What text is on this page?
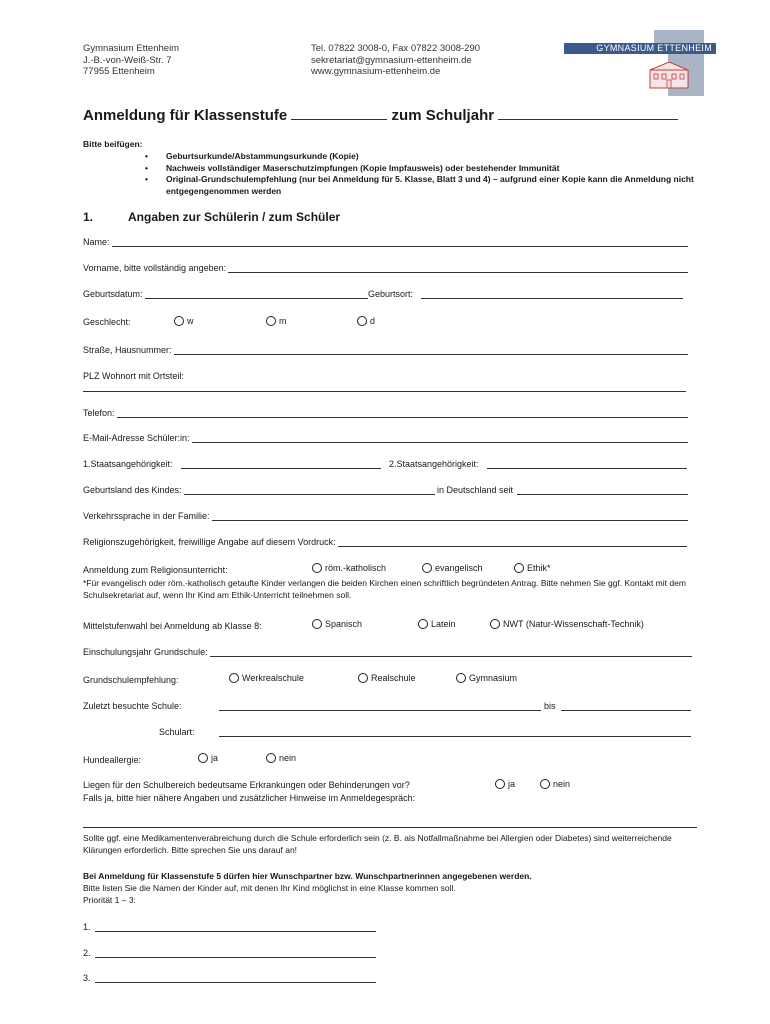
Gymnasium Ettenheim
J.-B.-von-Weiß-Str. 7
77955 Ettenheim
Tel. 07822 3008-0, Fax 07822 3008-290
sekretariat@gymnasium-ettenheim.de
www.gymnasium-ettenheim.de
GYMNASIUM ETTENHEIM
Anmeldung für Klassenstufe	zum Schuljahr
Bitte beifügen:
• Geburtsurkunde/Abstammungsurkunde (Kopie)
• Nachweis vollständiger Maserschutzimpfungen (Kopie Impfausweis) oder bestehender Immunität
• Original-Grundschulempfehlung (nur bei Anmeldung für 5. Klasse, Blatt 3 und 4) – aufgrund einer Kopie kann die Anmeldung nicht entgegengenommen werden
1.	Angaben zur Schülerin / zum Schüler
Name:
Vorname, bitte vollständig angeben:
Geburtsdatum:	Geburtsort:
Geschlecht:	w	m	d
Straße, Hausnummer:
PLZ Wohnort mit Ortsteil:
Telefon:
E-Mail-Adresse Schüler:in:
1.Staatsangehörigkeit:	2.Staatsangehörigkeit:
Geburtsland des Kindes:	in Deutschland seit
Verkehrssprache in der Familie:
Religionszugehörigkeit, freiwillige Angabe auf diesem Vordruck:
Anmeldung zum Religionsunterricht:	röm.-katholisch	evangelisch	Ethik*
*Für evangelisch oder röm.-katholisch getaufte Kinder verlangen die beiden Kirchen einen schriftlich begründeten Antrag. Bitte nehmen Sie ggf. Kontakt mit dem Schulsekretariat auf, wenn Ihr Kind am Ethik-Unterricht teilnehmen soll.
Mittelstufenwahl bei Anmeldung ab Klasse 8:	Spanisch	Latein	NWT (Natur-Wissenschaft-Technik)
Einschulungsjahr Grundschule:
Grundschulempfehlung:	Werkrealschule	Realschule	Gymnasium
Zuletzt besuchte Schule:	bis
Schulart:
Hundeallergie:	ja	nein
Liegen für den Schulbereich bedeutsame Erkrankungen oder Behinderungen vor?	ja	nein
Falls ja, bitte hier nähere Angaben und zusätzlicher Hinweise im Anmeldegespräch:
Sollte ggf. eine Medikamentenverabreichung durch die Schule erforderlich sein (z. B. als Notfallmaßnahme bei Allergien oder Diabetes) sind weiterreichende Klärungen erforderlich. Bitte sprechen Sie uns darauf an!
Bei Anmeldung für Klassenstufe 5 dürfen hier Wunschpartner bzw. Wunschpartnerinnen angegebenen werden.
Bitte listen Sie die Namen der Kinder auf, mit denen Ihr Kind möglichst in eine Klasse kommen soll.
Priorität 1 – 3:
1.
2.
3.
